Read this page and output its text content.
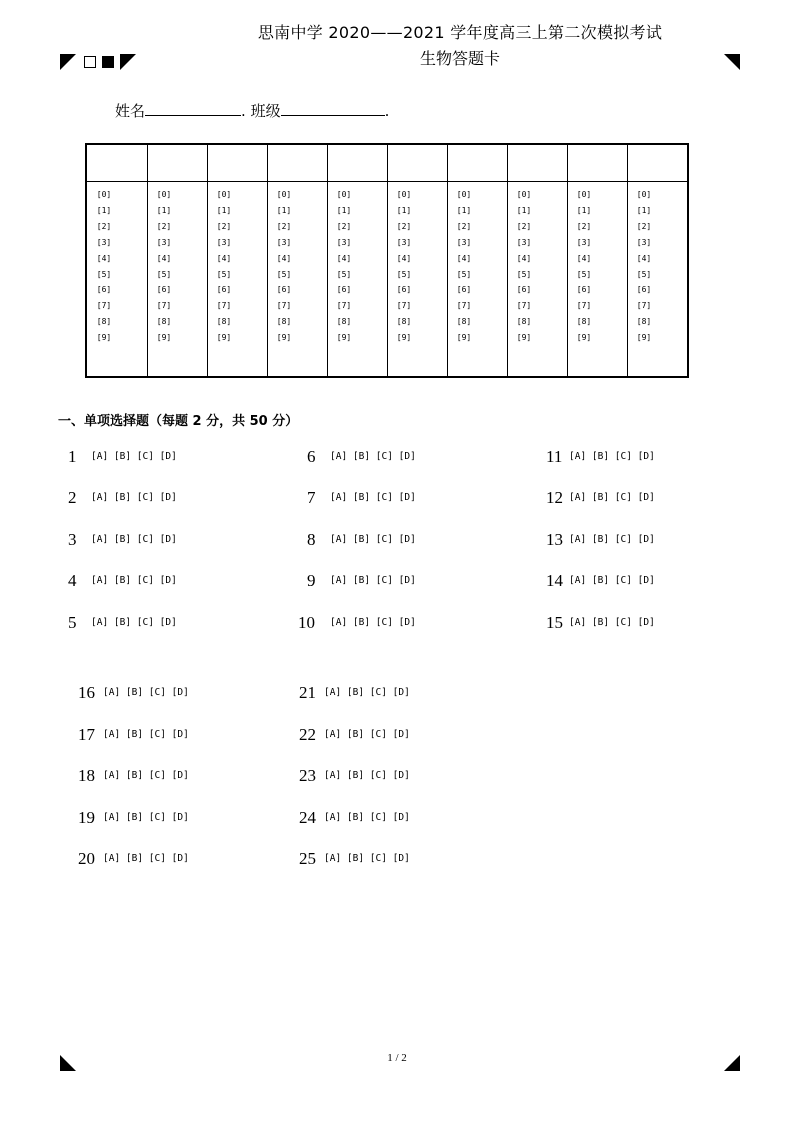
思南中学 2020——2021 学年度高三上第二次模拟考试
生物答题卡
姓名	. 班级	.
[0]
[1]
[2]
[3]
[4]
[5]
[6]
[7]
[8]
[9]
[0]
[1]
[2]
[3]
[4]
[5]
[6]
[7]
[8]
[9]
[0]
[1]
[2]
[3]
[4]
[5]
[6]
[7]
[8]
[9]
[0]
[1]
[2]
[3]
[4]
[5]
[6]
[7]
[8]
[9]
[0]
[1]
[2]
[3]
[4]
[5]
[6]
[7]
[8]
[9]
[0]
[1]
[2]
[3]
[4]
[5]
[6]
[7]
[8]
[9]
[0]
[1]
[2]
[3]
[4]
[5]
[6]
[7]
[8]
[9]
[0]
[1]
[2]
[3]
[4]
[5]
[6]
[7]
[8]
[9]
[0]
[1]
[2]
[3]
[4]
[5]
[6]
[7]
[8]
[9]
[0]
[1]
[2]
[3]
[4]
[5]
[6]
[7]
[8]
[9]
一、单项选择题（每题 2 分，共 50 分）
1 [A] [B] [C] [D]
2 [A] [B] [C] [D]
3 [A] [B] [C] [D]
4 [A] [B] [C] [D]
5 [A] [B] [C] [D]
6 [A] [B] [C] [D]
7 [A] [B] [C] [D]
8 [A] [B] [C] [D]
9 [A] [B] [C] [D]
10 [A] [B] [C] [D]
11 [A] [B] [C] [D]
12 [A] [B] [C] [D]
13 [A] [B] [C] [D]
14 [A] [B] [C] [D]
15 [A] [B] [C] [D]
16 [A] [B] [C] [D]
17 [A] [B] [C] [D]
18 [A] [B] [C] [D]
19 [A] [B] [C] [D]
20 [A] [B] [C] [D]
21 [A] [B] [C] [D]
22 [A] [B] [C] [D]
23 [A] [B] [C] [D]
24 [A] [B] [C] [D]
25 [A] [B] [C] [D]
1 / 2
